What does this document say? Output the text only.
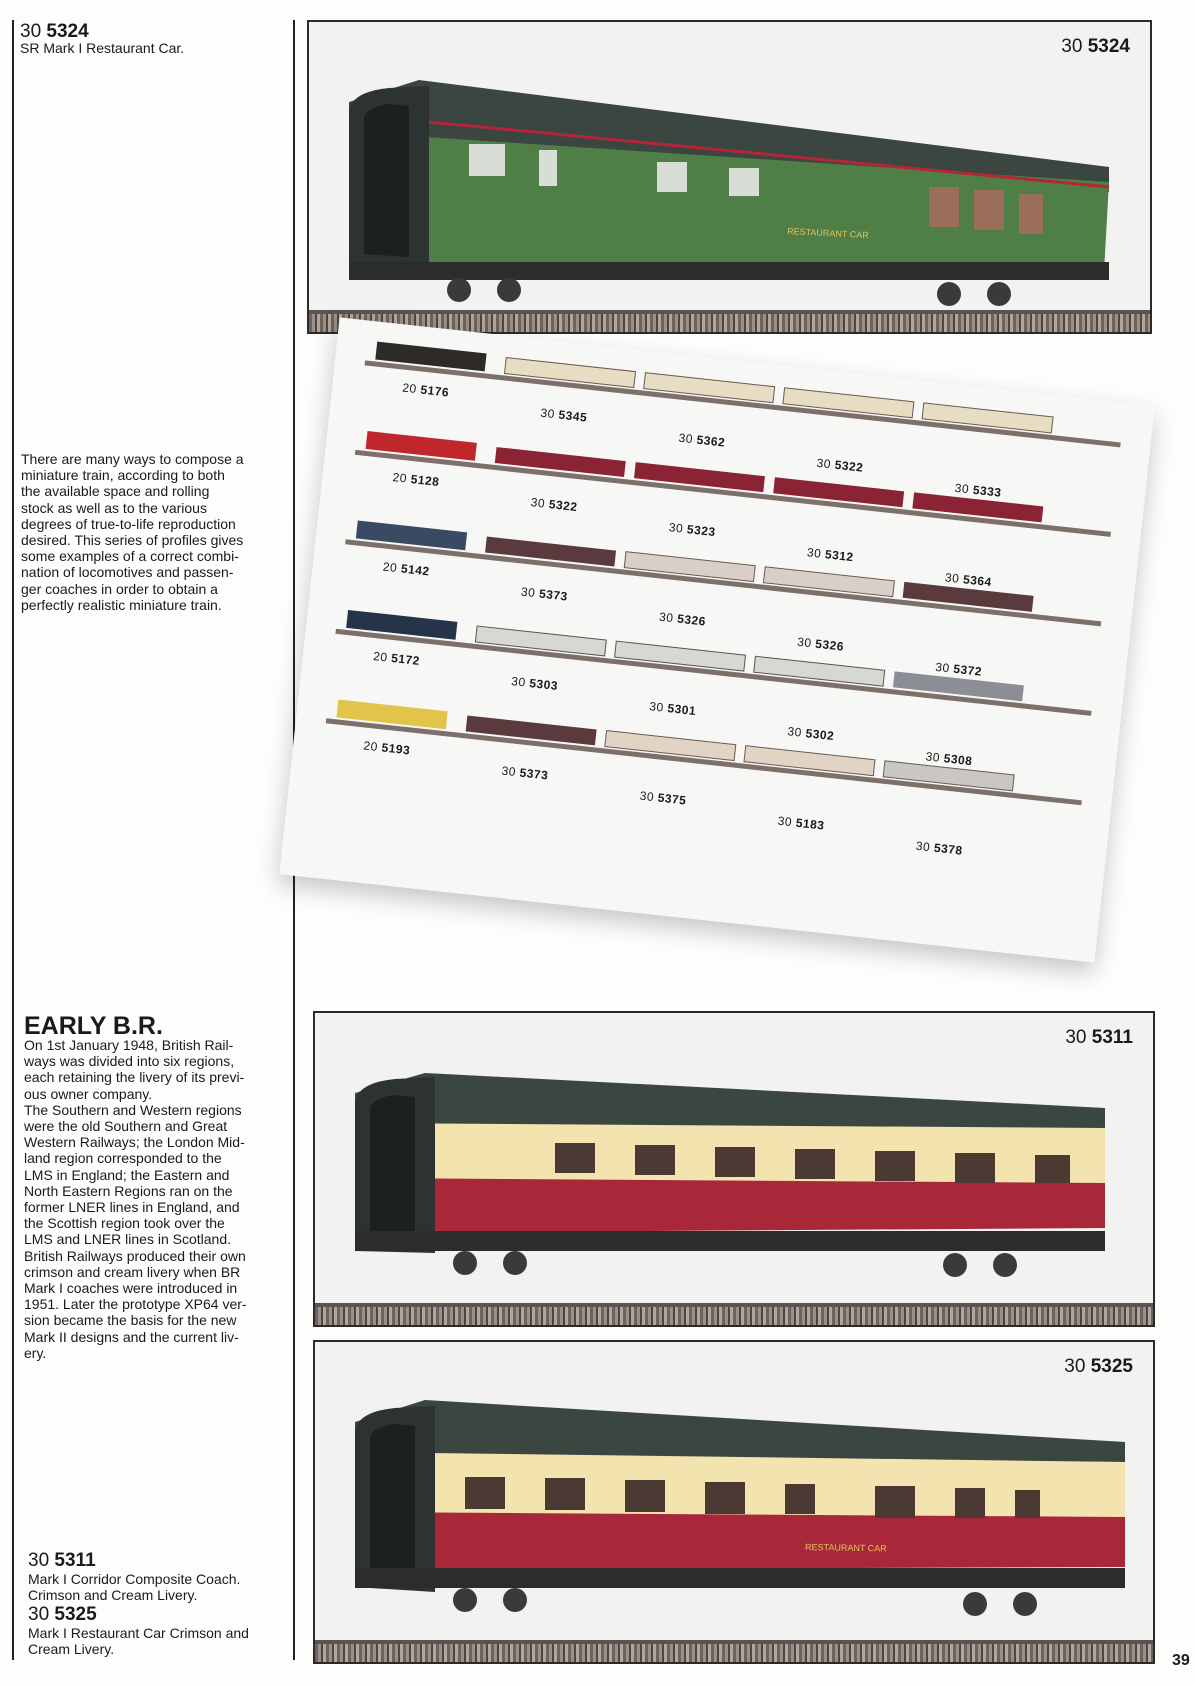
30 5324
SR Mark I Restaurant Car.
There are many ways to compose a
miniature train, according to both
the available space and rolling
stock as well as to the various
degrees of true-to-life reproduction
desired. This series of profiles gives
some examples of a correct combi-
nation of locomotives and passen-
ger coaches in order to obtain a
perfectly realistic miniature train.
EARLY B.R.
On 1st January 1948, British Rail-
ways was divided into six regions,
each retaining the livery of its previ-
ous owner company.
The Southern and Western regions
were the old Southern and Great
Western Railways; the London Mid-
land region corresponded to the
LMS in England; the Eastern and
North Eastern Regions ran on the
former LNER lines in England, and
the Scottish region took over the
LMS and LNER lines in Scotland.
British Railways produced their own
crimson and cream livery when BR
Mark I coaches were introduced in
1951. Later the prototype XP64 ver-
sion became the basis for the new
Mark II designs and the current liv-
ery.
30 5311
Mark I Corridor Composite Coach.
Crimson and Cream Livery.
30 5325
Mark I Restaurant Car Crimson and
Cream Livery.
30 5324
RESTAURANT CAR
20 5176
30 5345
30 5362
30 5322
30 5333
20 5128
30 5322
30 5323
30 5312
30 5364
20 5142
30 5373
30 5326
30 5326
30 5372
20 5172
30 5303
30 5301
30 5302
30 5308
20 5193
30 5373
30 5375
30 5183
30 5378
30 5311
30 5325
RESTAURANT CAR
39
